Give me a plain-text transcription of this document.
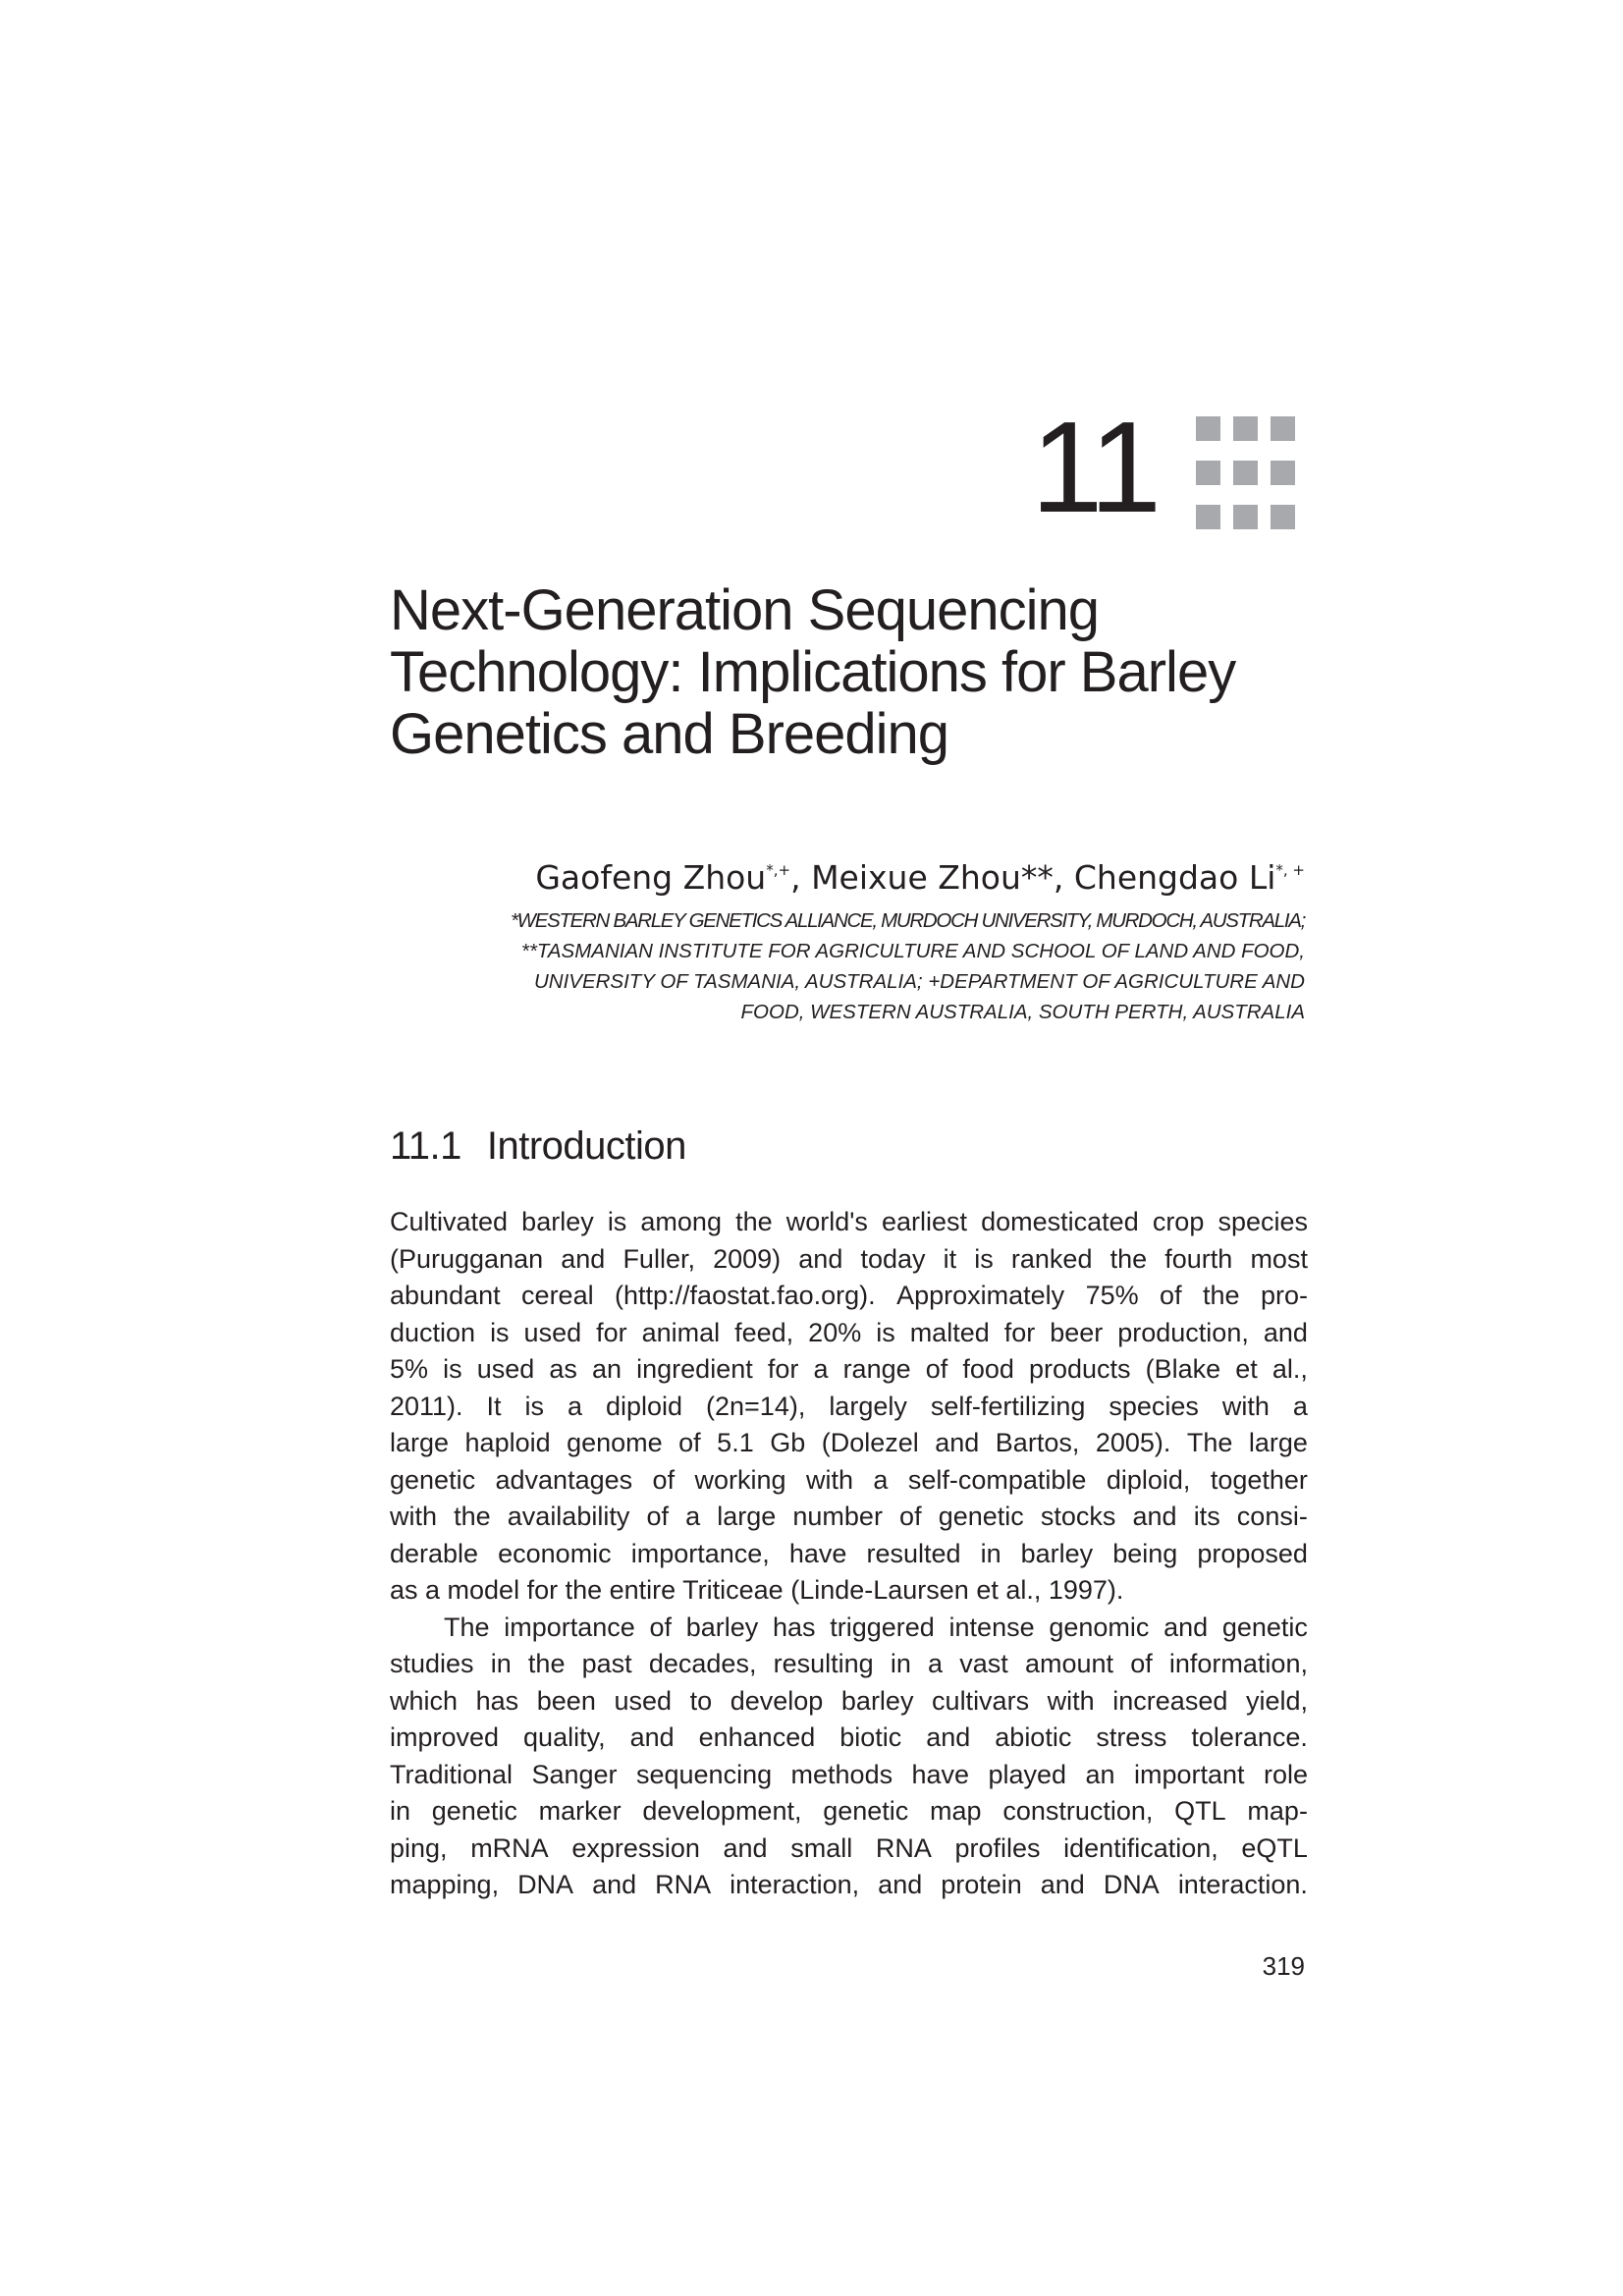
11
Next-Generation Sequencing
Technology: Implications for Barley
Genetics and Breeding
Gaofeng Zhou*,+, Meixue Zhou**, Chengdao Li*, +
*WESTERN BARLEY GENETICS ALLIANCE, MURDOCH UNIVERSITY, MURDOCH, AUSTRALIA;
**TASMANIAN INSTITUTE FOR AGRICULTURE AND SCHOOL OF LAND AND FOOD,
UNIVERSITY OF TASMANIA, AUSTRALIA; +DEPARTMENT OF AGRICULTURE AND
FOOD, WESTERN AUSTRALIA, SOUTH PERTH, AUSTRALIA
11.1 Introduction
Cultivated barley is among the world's earliest domesticated crop species
(Purugganan and Fuller, 2009) and today it is ranked the fourth most
abundant cereal (http://faostat.fao.org). Approximately 75% of the pro-
duction is used for animal feed, 20% is malted for beer production, and
5% is used as an ingredient for a range of food products (Blake et al.,
2011). It is a diploid (2n=14), largely self-fertilizing species with a
large haploid genome of 5.1 Gb (Dolezel and Bartos, 2005). The large
genetic advantages of working with a self-compatible diploid, together
with the availability of a large number of genetic stocks and its consi-
derable economic importance, have resulted in barley being proposed
as a model for the entire Triticeae (Linde-Laursen et al., 1997).
The importance of barley has triggered intense genomic and genetic
studies in the past decades, resulting in a vast amount of information,
which has been used to develop barley cultivars with increased yield,
improved quality, and enhanced biotic and abiotic stress tolerance.
Traditional Sanger sequencing methods have played an important role
in genetic marker development, genetic map construction, QTL map-
ping, mRNA expression and small RNA profiles identification, eQTL
mapping, DNA and RNA interaction, and protein and DNA interaction.
319
